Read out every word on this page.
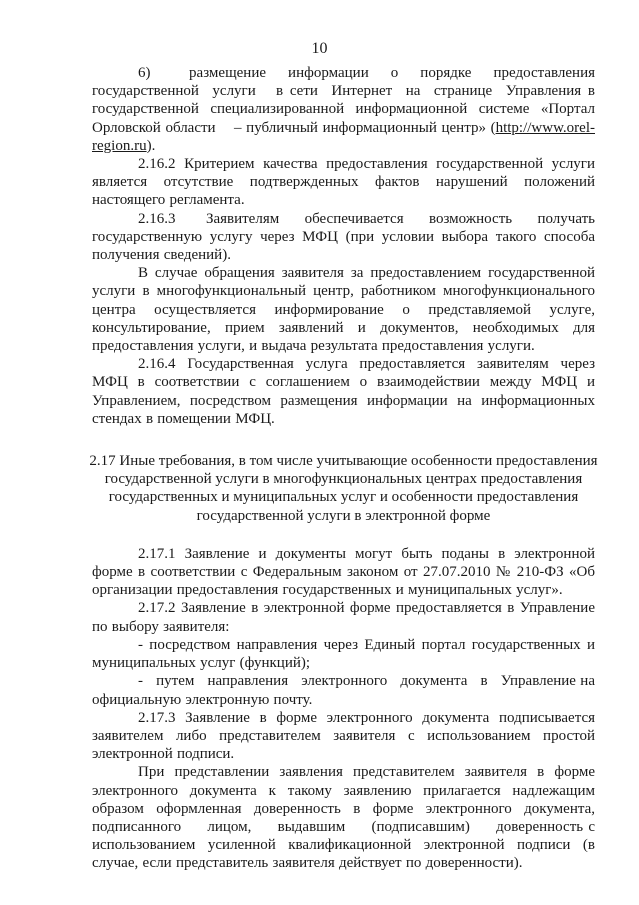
10

6)       размещение    информации    о    порядке    предоставления государственной  услуги   в сети  Интернет  на  странице  Управления в государственной специализированной информационной системе «Портал Орловской области    – публичный информационный центр» (http://www.orel-region.ru).

2.16.2 Критерием качества предоставления государственной услуги является  отсутствие  подтвержденных  фактов  нарушений  положений настоящего регламента.

2.16.3      Заявителям     обеспечивается     возможность     получать государственную услугу через МФЦ (при условии выбора такого способа получения сведений).

В случае обращения заявителя за предоставлением государственной услуги в многофункциональный центр, работником многофункционального центра  осуществляется  информирование  о  представляемой  услуге, консультирование, прием заявлений и документов, необходимых для предоставления услуги, и выдача результата предоставления услуги.

2.16.4 Государственная услуга предоставляется заявителям через МФЦ в соответствии с соглашением о взаимодействии между МФЦ и Управлением, посредством размещения информации на информационных стендах в помещении МФЦ.

2.17 Иные требования, в том числе учитывающие особенности предоставления государственной услуги в многофункциональных центрах предоставления государственных и муниципальных услуг и особенности предоставления государственной услуги в электронной форме

2.17.1 Заявление и документы могут быть поданы в электронной форме в соответствии с Федеральным законом от 27.07.2010 № 210-ФЗ «Об организации предоставления государственных и муниципальных услуг».

2.17.2 Заявление в электронной форме предоставляется в Управление по выбору заявителя:

- посредством направления через Единый портал государственных и муниципальных услуг (функций);

-   путем   направления   электронного   документа   в   Управление на официальную электронную почту.

2.17.3 Заявление в форме электронного документа подписывается заявителем либо представителем заявителя с использованием простой электронной подписи.

При представлении заявления представителем заявителя в форме электронного документа к такому заявлению прилагается надлежащим образом оформленная доверенность в форме электронного документа, подписанного     лицом,     выдавшим     (подписавшим)     доверенность с использованием усиленной квалификационной электронной подписи (в случае, если представитель заявителя действует по доверенности).
